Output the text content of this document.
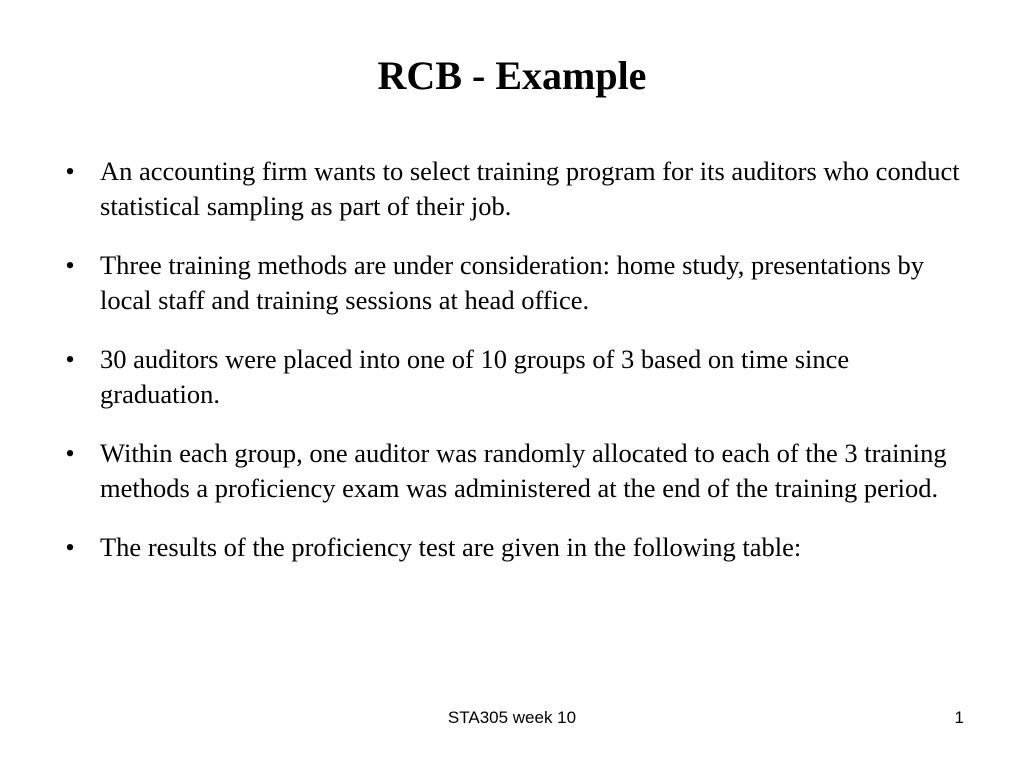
RCB - Example
• An accounting firm wants to select training program for its auditors who conduct statistical sampling as part of their job.
• Three training methods are under consideration: home study, presentations by local staff and training sessions at head office.
• 30 auditors were placed into one of 10 groups of 3 based on time since graduation.
• Within each group, one auditor was randomly allocated to each of the 3 training methods a proficiency exam was administered at the end of the training period.
• The results of the proficiency test are given in the following table:
STA305 week 10	1
